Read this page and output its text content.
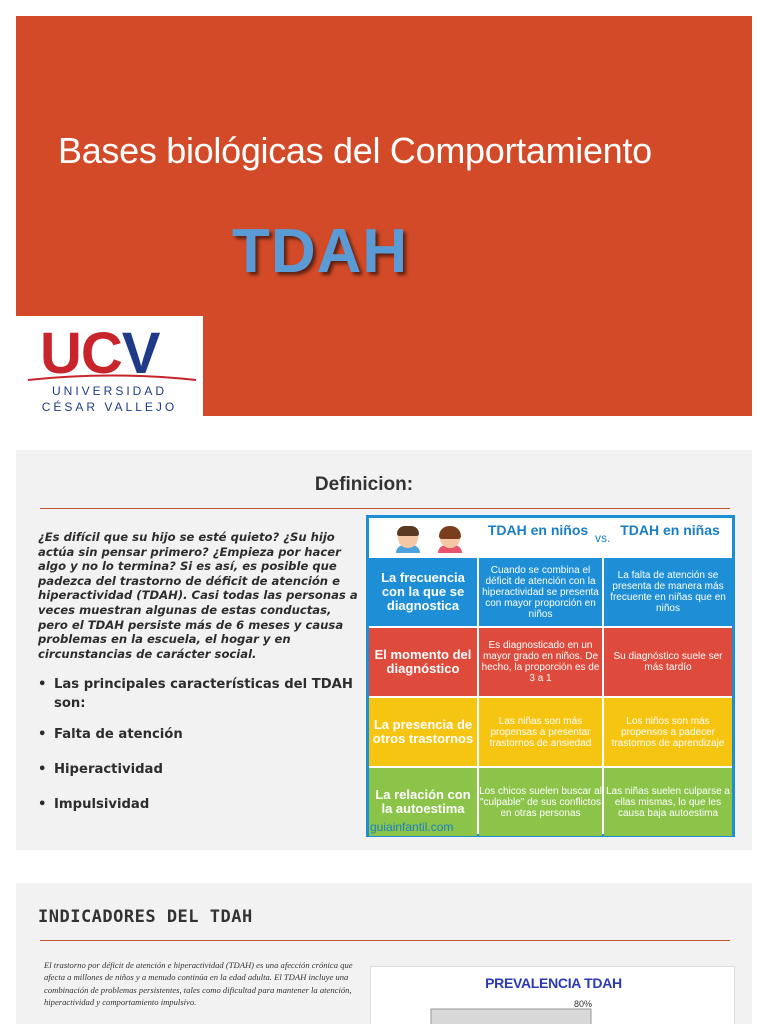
Bases biológicas del Comportamiento
TDAH
UCV
UNIVERSIDAD
CÉSAR VALLEJO
Definicion:

¿Es difícil que su hijo se esté quieto? ¿Su hijo actúa sin pensar primero? ¿Empieza por hacer algo y no lo termina? Si es así, es posible que padezca del trastorno de déficit de atención e hiperactividad (TDAH). Casi todas las personas a veces muestran algunas de estas conductas, pero el TDAH persiste más de 6 meses y causa problemas en la escuela, el hogar y en circunstancias de carácter social.

• Las principales características del TDAH son:
• Falta de atención
• Hiperactividad
• Impulsividad
TDAH en niños vs. TDAH en niñas
La frecuencia con la que se diagnostica
Cuando se combina el déficit de atención con la hiperactividad se presenta con mayor proporción en niños
La falta de atención se presenta de manera más frecuente en niñas que en niños
El momento del diagnóstico
Es diagnosticado en un mayor grado en niños. De hecho, la proporción es de 3 a 1
Su diagnóstico suele ser más tardío
La presencia de otros trastornos
Las niñas son más propensas a presentar trastornos de ansiedad
Los niños son más propensos a padecer trastornos de aprendizaje
La relación con la autoestima
Los chicos suelen buscar al "culpable" de sus conflictos en otras personas
Las niñas suelen culparse a ellas mismas, lo que les causa baja autoestima
guiainfantil.com
INDICADORES DEL TDAH

El trastorno por déficit de atención e hiperactividad (TDAH) es una afección crónica que afecta a millones de niños y a menudo continúa en la edad adulta. El TDAH incluye una combinación de problemas persistentes, tales como dificultad para mantener la atención, hiperactividad y comportamiento impulsivo.

PREVALENCIA TDAH
80%
